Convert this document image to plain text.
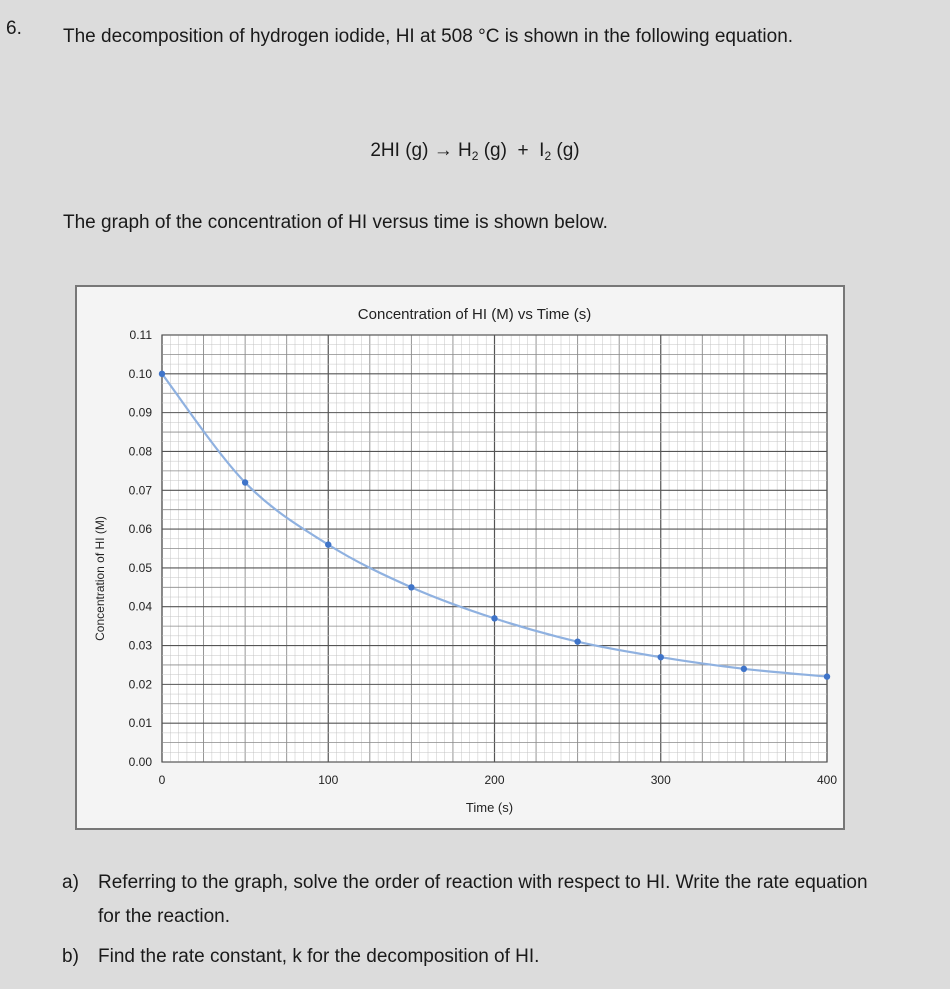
6. The decomposition of hydrogen iodide, HI at 508 °C is shown in the following equation.
2HI $(g) \to H_2$ $(g) + I_2$ (g)
The graph of the concentration of HI versus time is shown below.
0.00
0.01
0.02
0.03
0.04
0.05
0.06
0.07
0.08
0.09
0.10
0.11
0	100	200	300	400
Concentration of HI (M) vs Time (s)
Time (s)
Concentration of HI (M)
a)	Referring to the graph, solve the order of reaction with respect to HI. Write the rate equation for the reaction.
b)	Find the rate constant, k for the decomposition of HI.
